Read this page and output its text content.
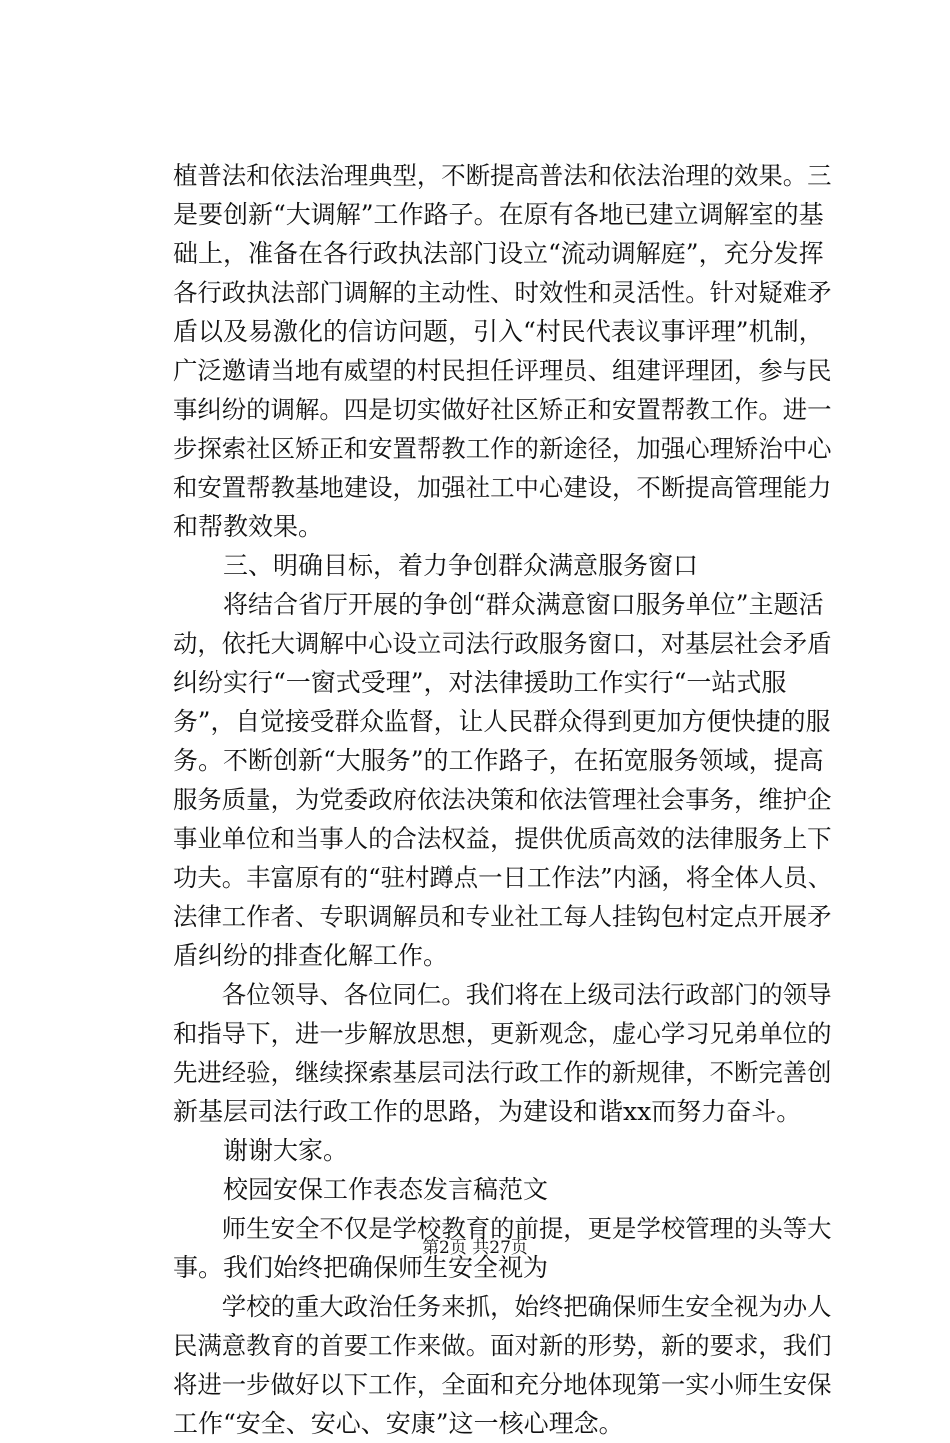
植普法和依法治理典型，不断提高普法和依法治理的效果。三
是要创新“大调解”工作路子。在原有各地已建立调解室的基
础上，准备在各行政执法部门设立“流动调解庭”，充分发挥
各行政执法部门调解的主动性、时效性和灵活性。针对疑难矛
盾以及易激化的信访问题，引入“村民代表议事评理”机制，
广泛邀请当地有威望的村民担任评理员、组建评理团，参与民
事纠纷的调解。四是切实做好社区矫正和安置帮教工作。进一
步探索社区矫正和安置帮教工作的新途径，加强心理矫治中心
和安置帮教基地建设，加强社工中心建设，不断提高管理能力
和帮教效果。
三、明确目标，着力争创群众满意服务窗口
将结合省厅开展的争创“群众满意窗口服务单位”主题活
动，依托大调解中心设立司法行政服务窗口，对基层社会矛盾
纠纷实行“一窗式受理”，对法律援助工作实行“一站式服
务”，自觉接受群众监督，让人民群众得到更加方便快捷的服
务。不断创新“大服务”的工作路子，在拓宽服务领域，提高
服务质量，为党委政府依法决策和依法管理社会事务，维护企
事业单位和当事人的合法权益，提供优质高效的法律服务上下
功夫。丰富原有的“驻村蹲点一日工作法”内涵，将全体人员、
法律工作者、专职调解员和专业社工每人挂钩包村定点开展矛
盾纠纷的排查化解工作。
各位领导、各位同仁。我们将在上级司法行政部门的领导
和指导下，进一步解放思想，更新观念，虚心学习兄弟单位的
先进经验，继续探索基层司法行政工作的新规律，不断完善创
新基层司法行政工作的思路，为建设和谐xx而努力奋斗。
谢谢大家。
校园安保工作表态发言稿范文
师生安全不仅是学校教育的前提，更是学校管理的头等大
事。我们始终把确保师生安全视为
学校的重大政治任务来抓，始终把确保师生安全视为办人
民满意教育的首要工作来做。面对新的形势，新的要求，我们
将进一步做好以下工作，全面和充分地体现第一实小师生安保
工作“安全、安心、安康”这一核心理念。
第2页 共27页
